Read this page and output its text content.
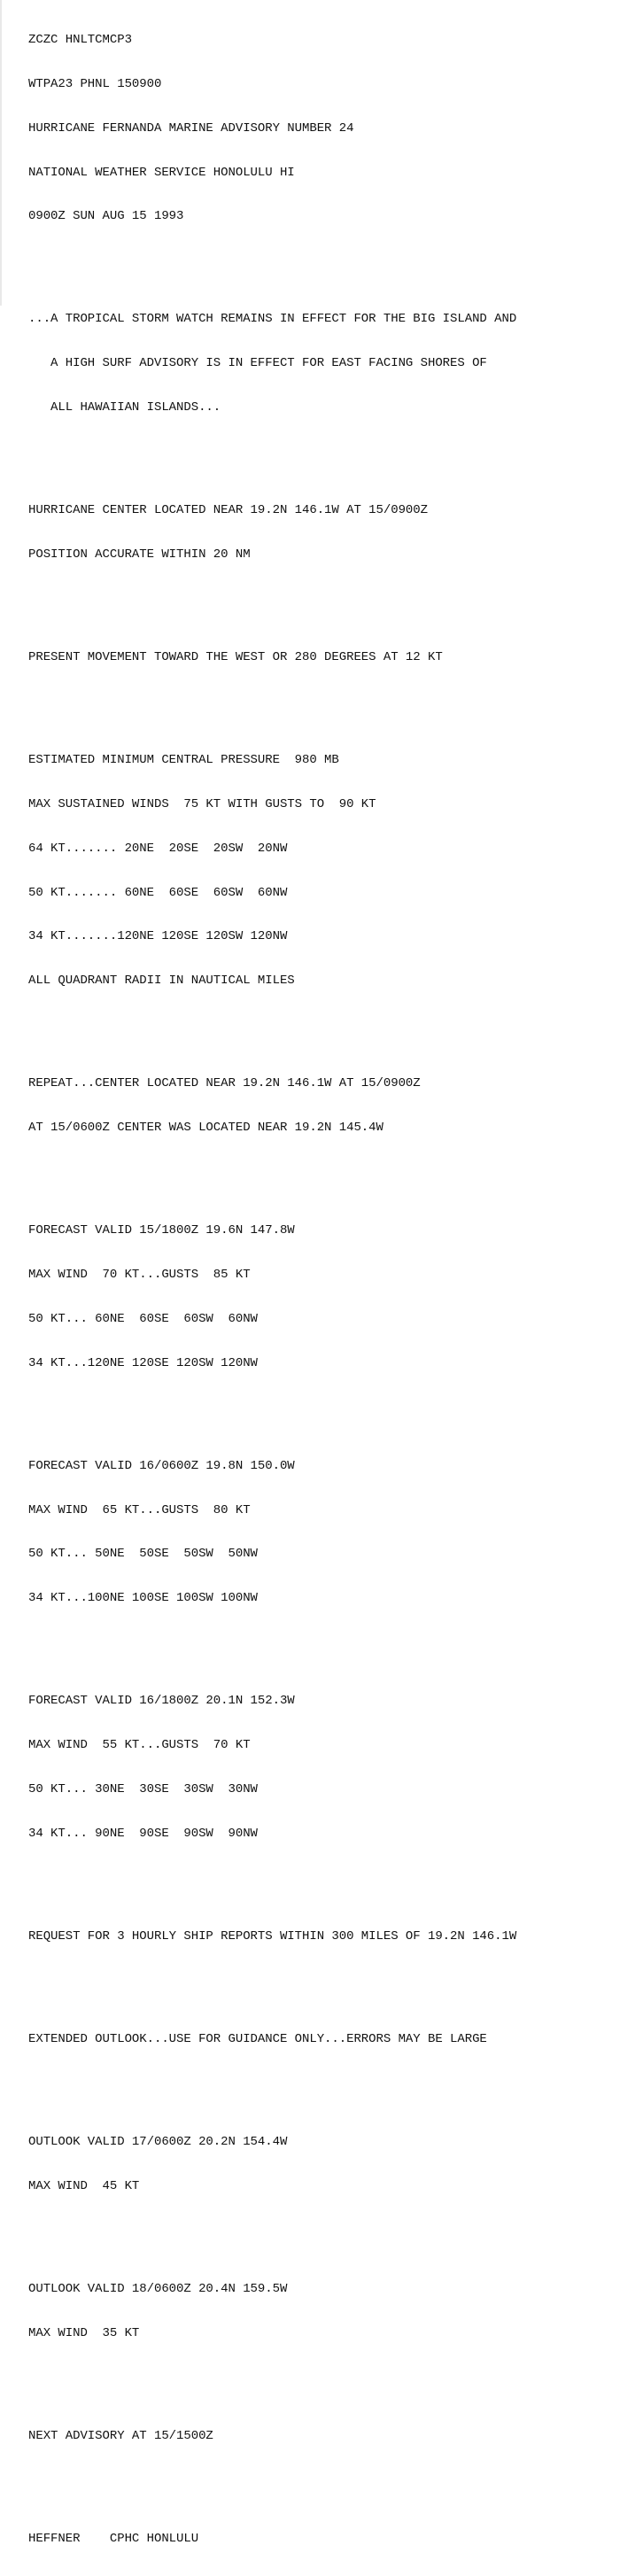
ZCZC HNLTCMCP3

WTPA23 PHNL 150900

HURRICANE FERNANDA MARINE ADVISORY NUMBER 24

NATIONAL WEATHER SERVICE HONOLULU HI

0900Z SUN AUG 15 1993

...A TROPICAL STORM WATCH REMAINS IN EFFECT FOR THE BIG ISLAND AND

A HIGH SURF ADVISORY IS IN EFFECT FOR EAST FACING SHORES OF

ALL HAWAIIAN ISLANDS...

HURRICANE CENTER LOCATED NEAR 19.2N 146.1W AT 15/0900Z

POSITION ACCURATE WITHIN 20 NM

PRESENT MOVEMENT TOWARD THE WEST OR 280 DEGREES AT 12 KT

ESTIMATED MINIMUM CENTRAL PRESSURE  980 MB

MAX SUSTAINED WINDS  75 KT WITH GUSTS TO  90 KT

64 KT....... 20NE  20SE  20SW  20NW

50 KT....... 60NE  60SE  60SW  60NW

34 KT.......120NE 120SE 120SW 120NW

ALL QUADRANT RADII IN NAUTICAL MILES

REPEAT...CENTER LOCATED NEAR 19.2N 146.1W AT 15/0900Z

AT 15/0600Z CENTER WAS LOCATED NEAR 19.2N 145.4W

FORECAST VALID 15/1800Z 19.6N 147.8W

MAX WIND  70 KT...GUSTS  85 KT

50 KT... 60NE  60SE  60SW  60NW

34 KT...120NE 120SE 120SW 120NW

FORECAST VALID 16/0600Z 19.8N 150.0W

MAX WIND  65 KT...GUSTS  80 KT

50 KT... 50NE  50SE  50SW  50NW

34 KT...100NE 100SE 100SW 100NW

FORECAST VALID 16/1800Z 20.1N 152.3W

MAX WIND  55 KT...GUSTS  70 KT

50 KT... 30NE  30SE  30SW  30NW

34 KT... 90NE  90SE  90SW  90NW

REQUEST FOR 3 HOURLY SHIP REPORTS WITHIN 300 MILES OF 19.2N 146.1W

EXTENDED OUTLOOK...USE FOR GUIDANCE ONLY...ERRORS MAY BE LARGE

OUTLOOK VALID 17/0600Z 20.2N 154.4W

MAX WIND  45 KT

OUTLOOK VALID 18/0600Z 20.4N 159.5W

MAX WIND  35 KT

NEXT ADVISORY AT 15/1500Z

HEFFNER    CPHC HONLULU
